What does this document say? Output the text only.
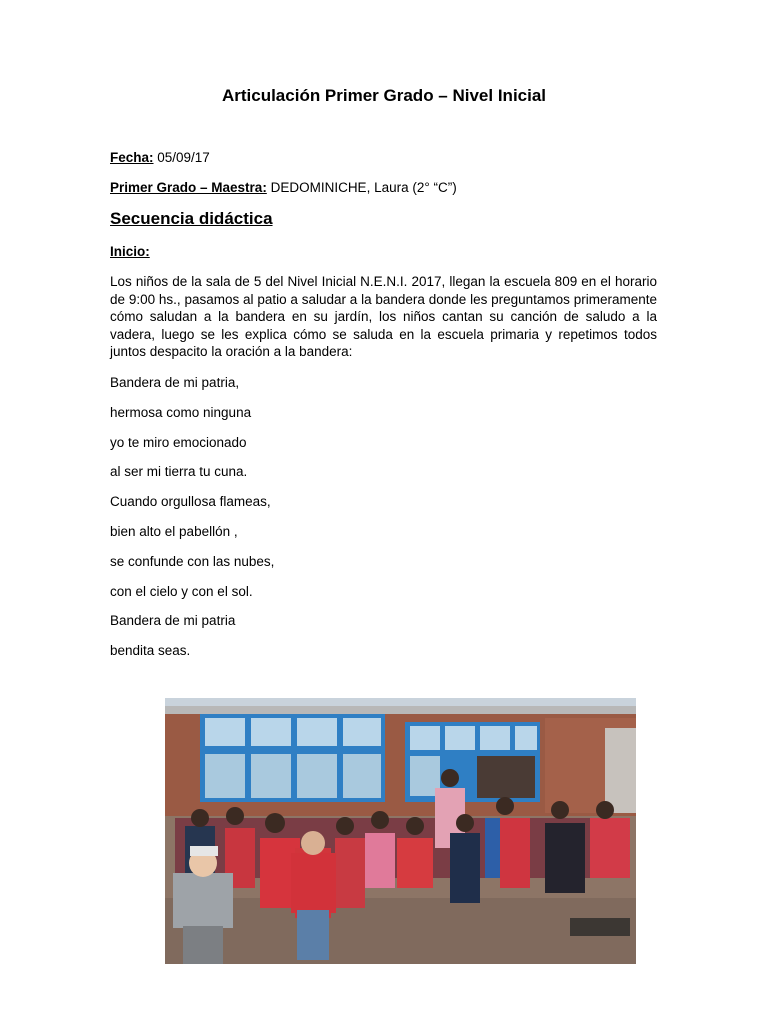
Articulación Primer Grado – Nivel Inicial
Fecha: 05/09/17
Primer Grado – Maestra: DEDOMINICHE, Laura (2° “C”)
Secuencia didáctica
Inicio:
Los niños de la sala de 5 del Nivel Inicial N.E.N.I. 2017, llegan la escuela 809 en el horario de 9:00 hs., pasamos al patio a saludar a la bandera donde les preguntamos primeramente cómo saludan a la bandera en su jardín, los niños cantan su canción de saludo a la vadera, luego se les explica cómo se saluda en la escuela primaria y repetimos todos juntos despacito la oración a la bandera:
Bandera de mi patria,
hermosa como ninguna
yo te miro emocionado
al ser mi tierra tu cuna.
Cuando orgullosa flameas,
bien alto el pabellón ,
se confunde con las nubes,
con el cielo y con el sol.
Bandera de mi patria
bendita seas.
